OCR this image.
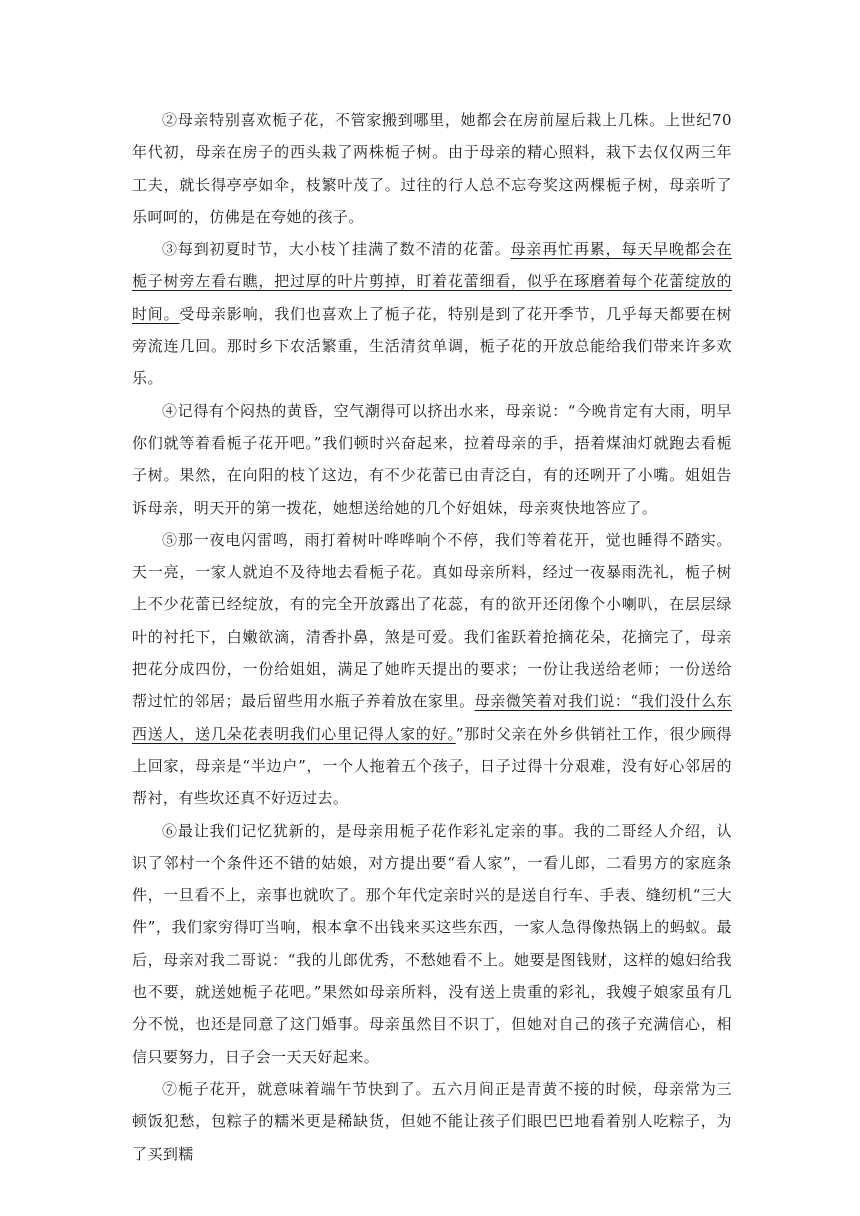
②母亲特别喜欢栀子花，不管家搬到哪里，她都会在房前屋后栽上几株。上世纪70年代初，母亲在房子的西头栽了两株栀子树。由于母亲的精心照料，栽下去仅仅两三年工夫，就长得亭亭如伞，枝繁叶茂了。过往的行人总不忘夸奖这两棵栀子树，母亲听了乐呵呵的，仿佛是在夸她的孩子。

③每到初夏时节，大小枝丫挂满了数不清的花蕾。母亲再忙再累，每天早晚都会在栀子树旁左看右瞧，把过厚的叶片剪掉，盯着花蕾细看，似乎在琢磨着每个花蕾绽放的时间。受母亲影响，我们也喜欢上了栀子花，特别是到了花开季节，几乎每天都要在树旁流连几回。那时乡下农活繁重，生活清贫单调，栀子花的开放总能给我们带来许多欢乐。

④记得有个闷热的黄昏，空气潮得可以挤出水来，母亲说：“今晚肯定有大雨，明早你们就等着看栀子花开吧。”我们顿时兴奋起来，拉着母亲的手，捂着煤油灯就跑去看栀子树。果然，在向阳的枝丫这边，有不少花蕾已由青泛白，有的还咧开了小嘴。姐姐告诉母亲，明天开的第一拨花，她想送给她的几个好姐妹，母亲爽快地答应了。

⑤那一夜电闪雷鸣，雨打着树叶哗哗响个不停，我们等着花开，觉也睡得不踏实。天一亮，一家人就迫不及待地去看栀子花。真如母亲所料，经过一夜暴雨洗礼，栀子树上不少花蕾已经绽放，有的完全开放露出了花蕊，有的欲开还闭像个小喇叭，在层层绿叶的衬托下，白嫩欲滴，清香扑鼻，煞是可爱。我们雀跃着抢摘花朵，花摘完了，母亲把花分成四份，一份给姐姐，满足了她昨天提出的要求；一份让我送给老师；一份送给帮过忙的邻居；最后留些用水瓶子养着放在家里。母亲微笑着对我们说：“我们没什么东西送人，送几朵花表明我们心里记得人家的好。”那时父亲在外乡供销社工作，很少顾得上回家，母亲是“半边户”，一个人拖着五个孩子，日子过得十分艰难，没有好心邻居的帮衬，有些坎还真不好迈过去。

⑥最让我们记忆犹新的，是母亲用栀子花作彩礼定亲的事。我的二哥经人介绍，认识了邻村一个条件还不错的姑娘，对方提出要“看人家”，一看儿郎，二看男方的家庭条件，一旦看不上，亲事也就吹了。那个年代定亲时兴的是送自行车、手表、缝纫机“三大件”，我们家穷得叮当响，根本拿不出钱来买这些东西，一家人急得像热锅上的蚂蚁。最后，母亲对我二哥说：“我的儿郎优秀，不愁她看不上。她要是图钱财，这样的媳妇给我也不要，就送她栀子花吧。”果然如母亲所料，没有送上贵重的彩礼，我嫂子娘家虽有几分不悦，也还是同意了这门婚事。母亲虽然目不识丁，但她对自己的孩子充满信心，相信只要努力，日子会一天天好起来。

⑦栀子花开，就意味着端午节快到了。五六月间正是青黄不接的时候，母亲常为三顿饭犯愁，包粽子的糯米更是稀缺货，但她不能让孩子们眼巴巴地看着别人吃粽子，为了买到糯
